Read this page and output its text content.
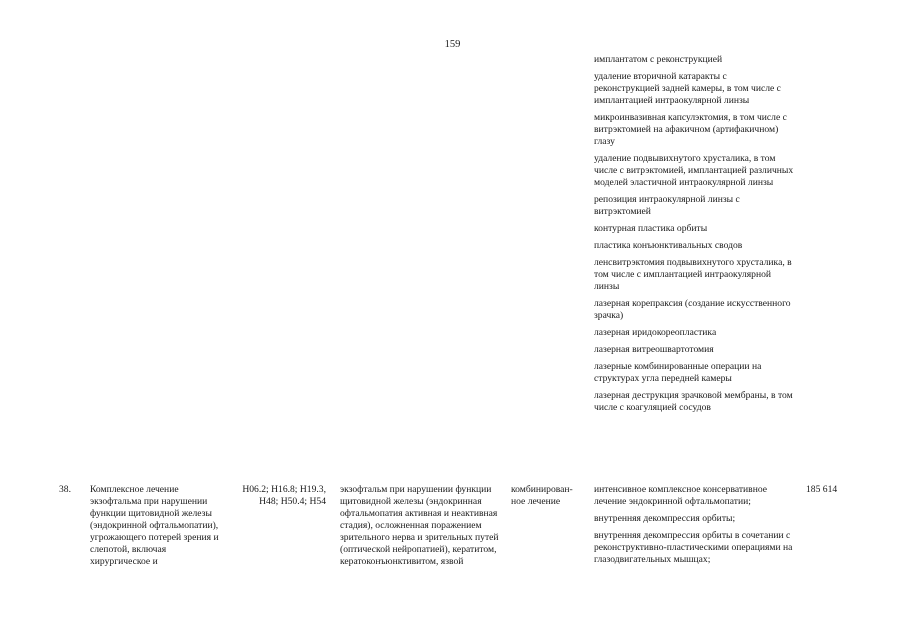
159
имплантатом с реконструкцией
удаление вторичной катаракты с реконструкцией задней камеры, в том числе с имплантацией интраокулярной линзы
микроинвазивная капсулэктомия, в том числе с витрэктомией на афакичном (артифакичном) глазу
удаление подвывихнутого хрусталика, в том числе с витрэктомией, имплантацией различных моделей эластичной интраокулярной линзы
репозиция интраокулярной линзы с витрэктомией
контурная пластика орбиты
пластика конъюнктивальных сводов
ленсвитрэктомия подвывихнутого хрусталика, в том числе с имплантацией интраокулярной линзы
лазерная корепраксия (создание искусственного зрачка)
лазерная иридокореопластика
лазерная витреошвартотомия
лазерные комбинированные операции на структурах угла передней камеры
лазерная деструкция зрачковой мембраны, в том числе с коагуляцией сосудов
38.	Комплексное лечение экзофтальма при нарушении функции щитовидной железы (эндокринной офтальмопатии), угрожающего потерей зрения и слепотой, включая хирургическое и
H06.2; H16.8; H19.3, H48; H50.4; H54
экзофтальм при нарушении функции щитовидной железы (эндокринная офтальмопатия активная и неактивная стадия), осложненная поражением зрительного нерва и зрительных путей (оптической нейропатией), кератитом, кератоконъюнктивитом, язвой
комбинирован- ное лечение
интенсивное комплексное консервативное лечение эндокринной офтальмопатии;
внутренняя декомпрессия орбиты;
внутренняя декомпрессия орбиты в сочетании с реконструктивно-пластическими операциями на глазодвигательных мышцах;
185 614
